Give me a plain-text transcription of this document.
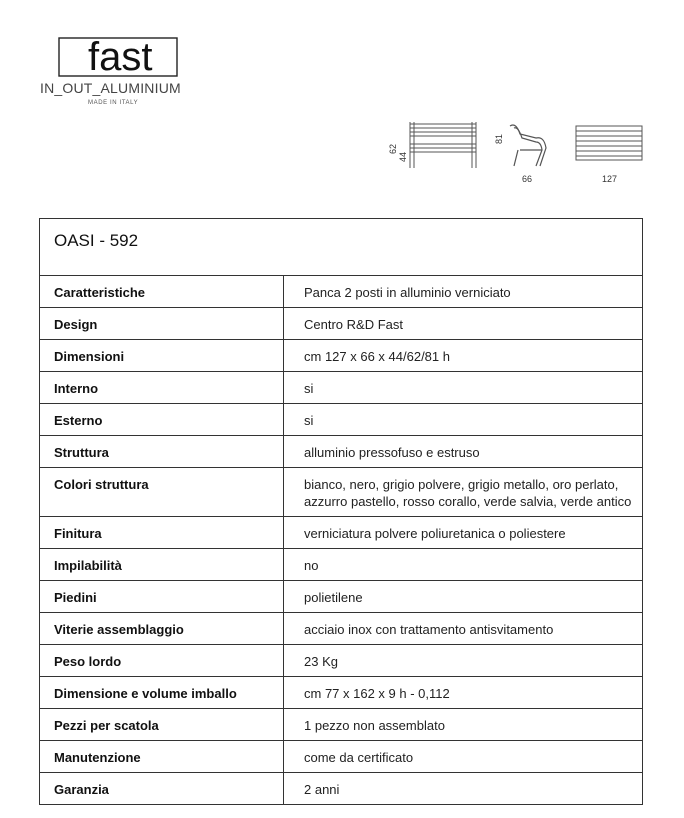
fast
IN_OUT_ALUMINIUM
MADE IN ITALY
62
44
81
66	127
OASI - 592
Caratteristiche	Panca 2 posti in alluminio verniciato
Design	Centro R&D Fast
Dimensioni	cm 127 x 66 x 44/62/81 h
Interno	si
Esterno	si
Struttura	alluminio pressofuso e estruso
Colori struttura	bianco, nero, grigio polvere, grigio metallo, oro perlato, azzurro pastello, rosso corallo, verde salvia, verde antico
Finitura	verniciatura polvere poliuretanica o poliestere
Impilabilità	no
Piedini	polietilene
Viterie assemblaggio	acciaio inox con trattamento antisvitamento
Peso lordo	23 Kg
Dimensione e volume imballo	cm 77 x 162 x 9 h - 0,112
Pezzi per scatola	1 pezzo non assemblato
Manutenzione	come da certificato
Garanzia	2 anni
